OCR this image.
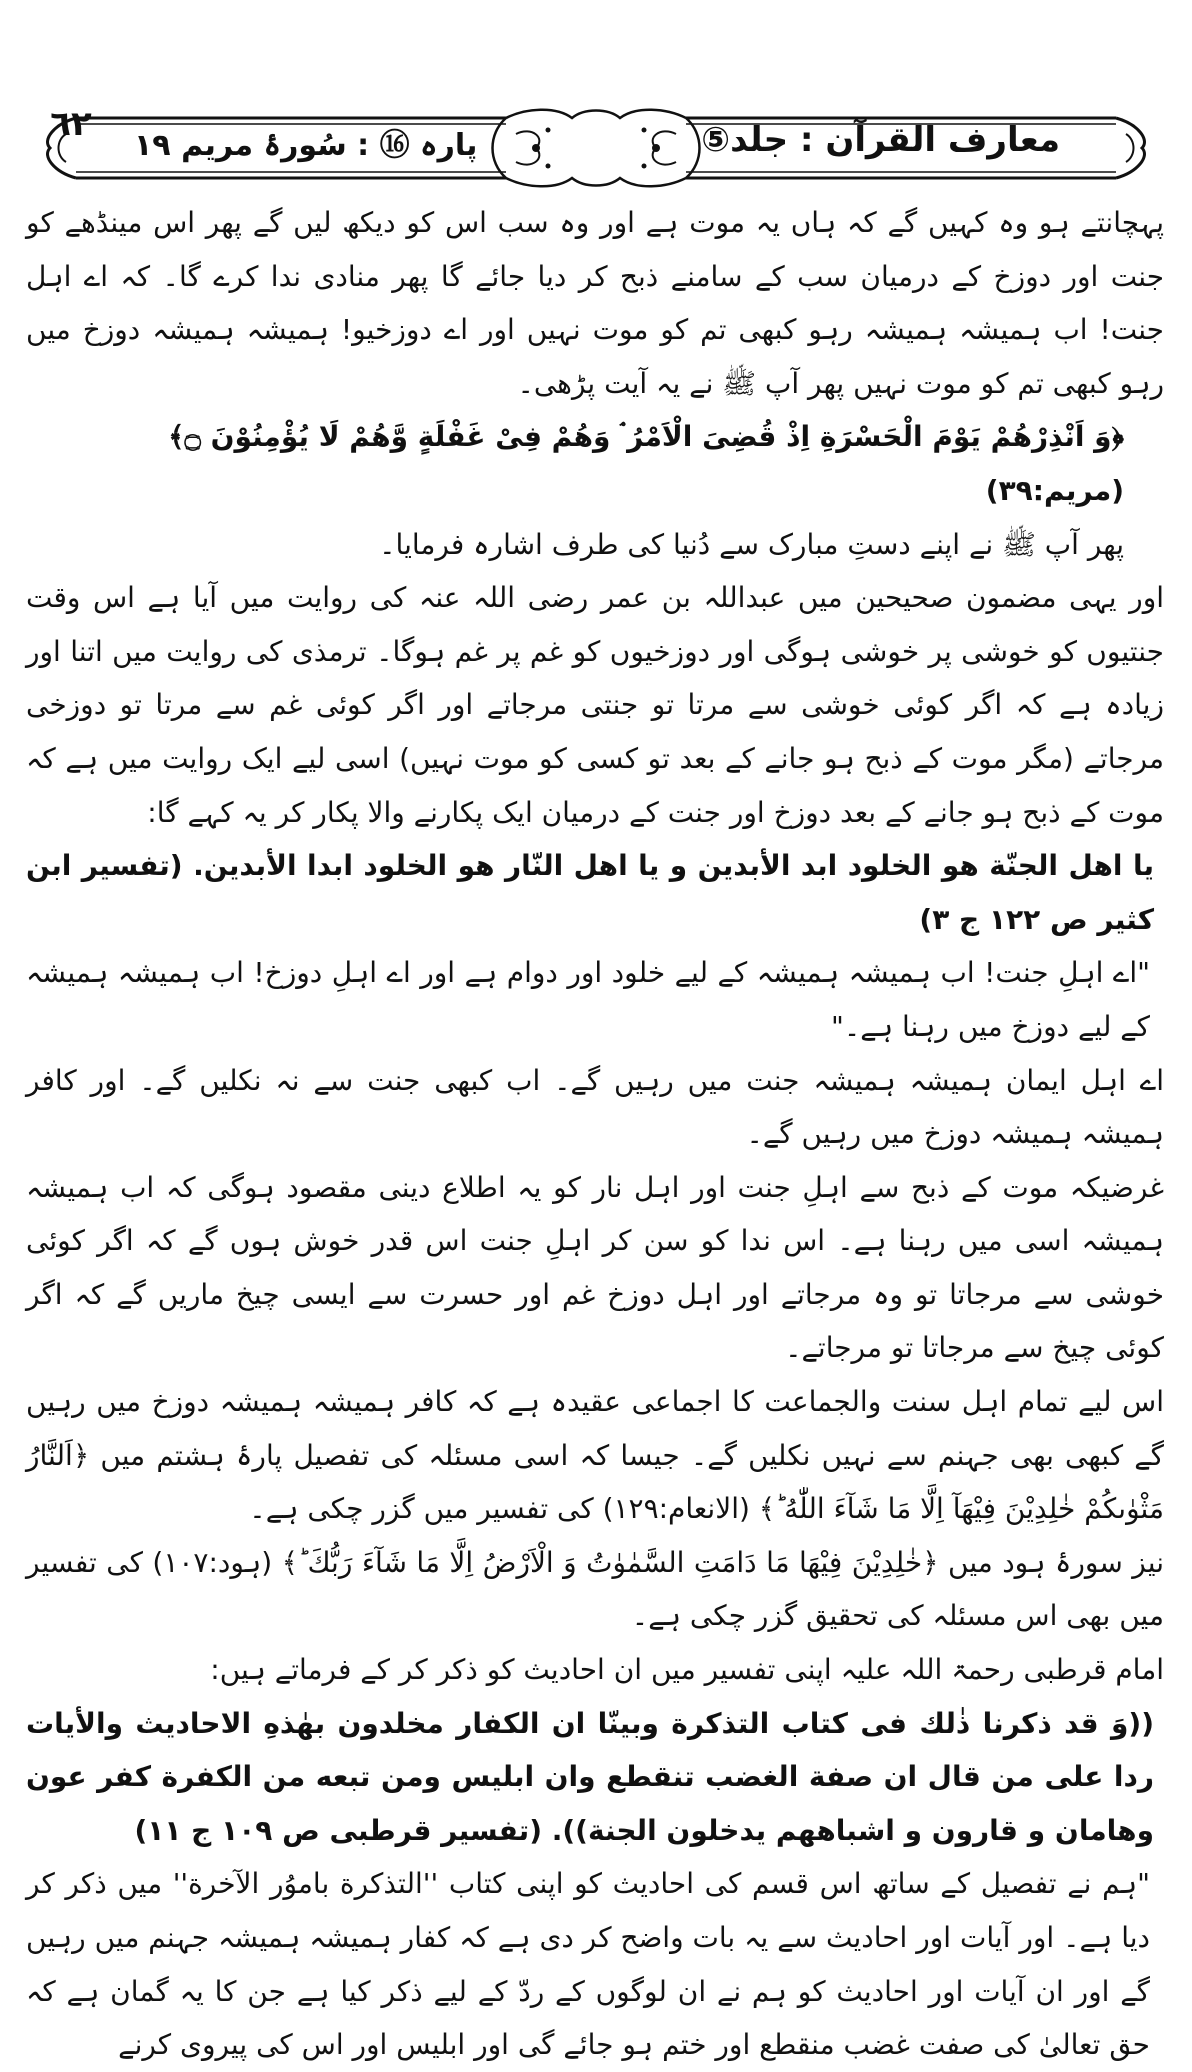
معارف القرآن : جلد⑤
٦٢
پارہ ⑯ : سُورۂ مریم ١٩

پہچانتے ہو وہ کہیں گے کہ ہاں یہ موت ہے اور وہ سب اس کو دیکھ لیں گے پھر اس مینڈھے کو جنت اور دوزخ کے درمیان سب کے سامنے ذبح کر دیا جائے گا پھر منادی ندا کرے گا۔ کہ اے اہل جنت! اب ہمیشہ ہمیشہ رہو کبھی تم کو موت نہیں اور اے دوزخیو! ہمیشہ ہمیشہ دوزخ میں رہو کبھی تم کو موت نہیں پھر آپ ﷺ نے یہ آیت پڑھی۔

﴿وَ اَنْذِرْهُمْ یَوْمَ الْحَسْرَةِ اِذْ قُضِیَ الْاَمْرُ ۘ وَهُمْ فِیْ غَفْلَةٍ وَّهُمْ لَا یُؤْمِنُوْنَ ۝﴾ (مریم:٣٩)

پھر آپ ﷺ نے اپنے دستِ مبارک سے دُنیا کی طرف اشارہ فرمایا۔

اور یہی مضمون صحیحین میں عبداللہ بن عمر رضی اللہ عنہ کی روایت میں آیا ہے اس وقت جنتیوں کو خوشی پر خوشی ہوگی اور دوزخیوں کو غم پر غم ہوگا۔ ترمذی کی روایت میں اتنا اور زیادہ ہے کہ اگر کوئی خوشی سے مرتا تو جنتی مرجاتے اور اگر کوئی غم سے مرتا تو دوزخی مرجاتے (مگر موت کے ذبح ہو جانے کے بعد تو کسی کو موت نہیں) اسی لیے ایک روایت میں ہے کہ موت کے ذبح ہو جانے کے بعد دوزخ اور جنت کے درمیان ایک پکارنے والا پکار کر یہ کہے گا:

یا اهل الجنّة هو الخلود ابد الأبدین و یا اهل النّار هو الخلود ابدا الأبدین. (تفسیر ابن کثیر ص ١٢٢ ج ٣)

"اے اہلِ جنت! اب ہمیشہ ہمیشہ کے لیے خلود اور دوام ہے اور اے اہلِ دوزخ! اب ہمیشہ ہمیشہ کے لیے دوزخ میں رہنا ہے۔"

اے اہل ایمان ہمیشہ ہمیشہ جنت میں رہیں گے۔ اب کبھی جنت سے نہ نکلیں گے۔ اور کافر ہمیشہ ہمیشہ دوزخ میں رہیں گے۔

غرضیکہ موت کے ذبح سے اہلِ جنت اور اہل نار کو یہ اطلاع دینی مقصود ہوگی کہ اب ہمیشہ ہمیشہ اسی میں رہنا ہے۔ اس ندا کو سن کر اہلِ جنت اس قدر خوش ہوں گے کہ اگر کوئی خوشی سے مرجاتا تو وہ مرجاتے اور اہل دوزخ غم اور حسرت سے ایسی چیخ ماریں گے کہ اگر کوئی چیخ سے مرجاتا تو مرجاتے۔

اس لیے تمام اہل سنت والجماعت کا اجماعی عقیدہ ہے کہ کافر ہمیشہ ہمیشہ دوزخ میں رہیں گے کبھی بھی جہنم سے نہیں نکلیں گے۔ جیسا کہ اسی مسئلہ کی تفصیل پارۂ ہشتم میں ﴿اَلنَّارُ مَثْوٰىكُمْ خٰلِدِیْنَ فِیْهَآ اِلَّا مَا شَآءَ اللّٰهُ ؕ﴾ (الانعام:١٢٩) کی تفسیر میں گزر چکی ہے۔

نیز سورۂ ہود میں ﴿خٰلِدِیْنَ فِیْهَا مَا دَامَتِ السَّمٰوٰتُ وَ الْاَرْضُ اِلَّا مَا شَآءَ رَبُّكَ ؕ﴾ (ہود:١٠٧) کی تفسیر میں بھی اس مسئلہ کی تحقیق گزر چکی ہے۔

امام قرطبی رحمۃ اللہ علیہ اپنی تفسیر میں ان احادیث کو ذکر کر کے فرماتے ہیں:

((وَ قد ذکرنا ذٰلك فی کتاب التذکرة وبینّا ان الکفار مخلدون بهٰذهِ الاحادیث والأیات ردا علی من قال ان صفة الغضب تنقطع وان ابلیس ومن تبعه من الکفرة کفر عون وهامان و قارون و اشباهھم یدخلون الجنة)). (تفسیر قرطبی ص ١٠٩ ج ١١)

"ہم نے تفصیل کے ساتھ اس قسم کی احادیث کو اپنی کتاب ''التذکرة باموُر الآخرة'' میں ذکر کر دیا ہے۔ اور آیات اور احادیث سے یہ بات واضح کر دی ہے کہ کفار ہمیشہ ہمیشہ جہنم میں رہیں گے اور ان آیات اور احادیث کو ہم نے ان لوگوں کے ردّ کے لیے ذکر کیا ہے جن کا یہ گمان ہے کہ حق تعالیٰ کی صفت غضب منقطع اور ختم ہو جائے گی اور ابلیس اور اس کی پیروی کرنے
